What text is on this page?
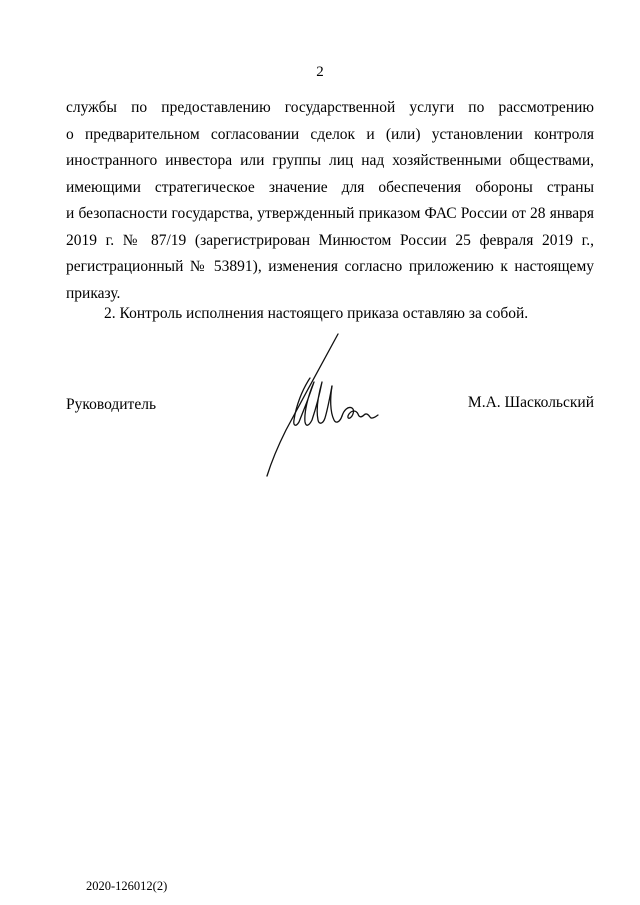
2
службы по предоставлению государственной услуги по рассмотрению
о предварительном согласовании сделок и (или) установлении контроля
иностранного инвестора или группы лиц над хозяйственными обществами,
имеющими стратегическое значение для обеспечения обороны страны
и безопасности государства, утвержденный приказом ФАС России от 28 января
2019 г. № 87/19 (зарегистрирован Минюстом России 25 февраля 2019 г.,
регистрационный № 53891), изменения согласно приложению к настоящему
приказу.
2. Контроль исполнения настоящего приказа оставляю за собой.
Руководитель	М.А. Шаскольский
2020-126012(2)
